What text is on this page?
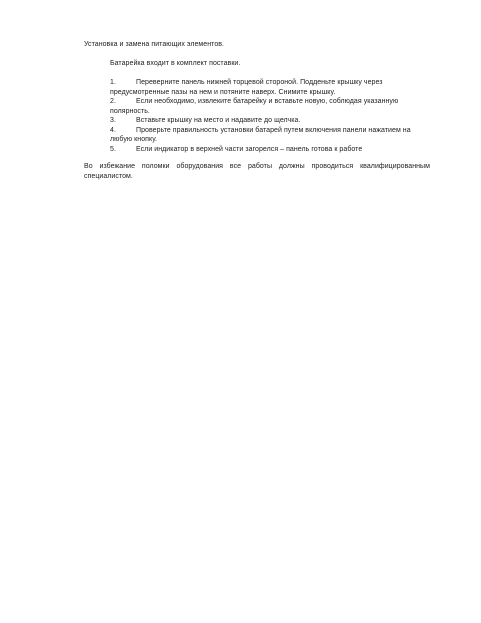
Установка и замена питающих элементов.

Батарейка входит в комплект поставки.

1.	Переверните панель нижней торцевой стороной. Подденьте крышку через предусмотренные пазы на нем и потяните наверх. Снимите крышку.
2.	Если необходимо, извлеките батарейку и вставьте новую, соблюдая указанную полярность.
3.	Вставьте крышку на место и надавите до щелчка.
4.	Проверьте правильность установки батарей путем включения панели нажатием на любую кнопку.
5.	Если индикатор в верхней части загорелся – панель готова к работе

Во избежание поломки оборудования все работы должны проводиться квалифицированным специалистом.
